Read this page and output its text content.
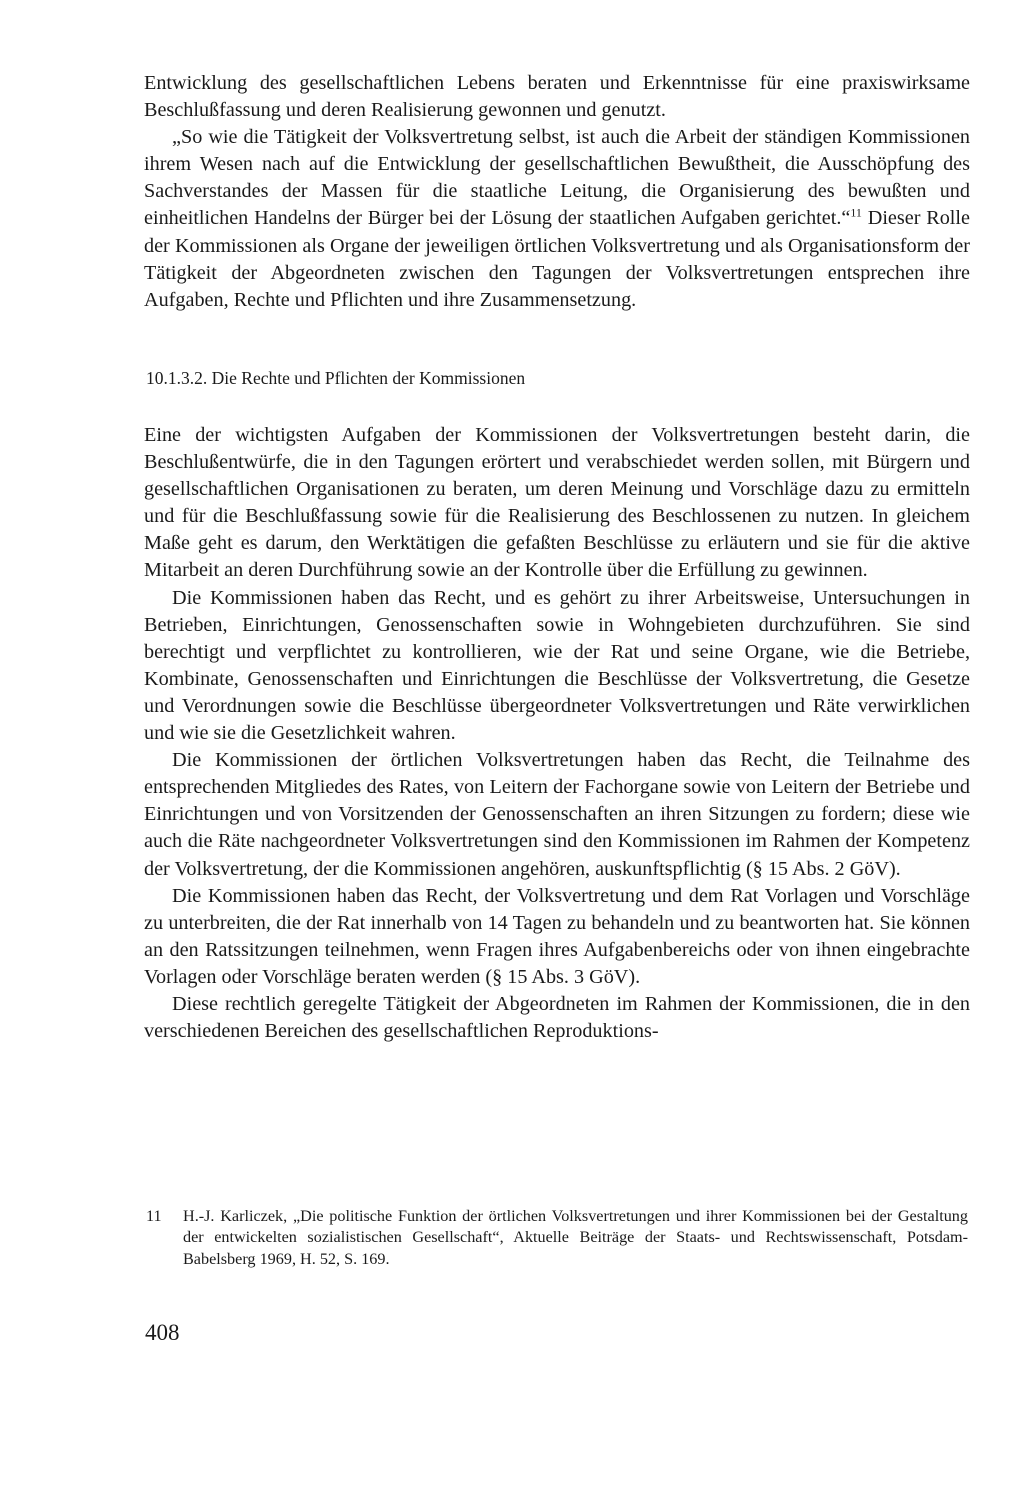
Entwicklung des gesellschaftlichen Lebens beraten und Erkenntnisse für eine praxiswirksame Beschlußfassung und deren Realisierung gewonnen und genutzt.

„So wie die Tätigkeit der Volksvertretung selbst, ist auch die Arbeit der ständigen Kommissionen ihrem Wesen nach auf die Entwicklung der gesellschaftlichen Bewußtheit, die Ausschöpfung des Sachverstandes der Massen für die staatliche Leitung, die Organisierung des bewußten und einheitlichen Handelns der Bürger bei der Lösung der staatlichen Aufgaben gerichtet.“$^{11}$ Dieser Rolle der Kommissionen als Organe der jeweiligen örtlichen Volksvertretung und als Organisationsform der Tätigkeit der Abgeordneten zwischen den Tagungen der Volksvertretungen entsprechen ihre Aufgaben, Rechte und Pflichten und ihre Zusammensetzung.

10.1.3.2. Die Rechte und Pflichten der Kommissionen

Eine der wichtigsten Aufgaben der Kommissionen der Volksvertretungen besteht darin, die Beschlußentwürfe, die in den Tagungen erörtert und verabschiedet werden sollen, mit Bürgern und gesellschaftlichen Organisationen zu beraten, um deren Meinung und Vorschläge dazu zu ermitteln und für die Beschlußfassung sowie für die Realisierung des Beschlossenen zu nutzen. In gleichem Maße geht es darum, den Werktätigen die gefaßten Beschlüsse zu erläutern und sie für die aktive Mitarbeit an deren Durchführung sowie an der Kontrolle über die Erfüllung zu gewinnen.

Die Kommissionen haben das Recht, und es gehört zu ihrer Arbeitsweise, Untersuchungen in Betrieben, Einrichtungen, Genossenschaften sowie in Wohngebieten durchzuführen. Sie sind berechtigt und verpflichtet zu kontrollieren, wie der Rat und seine Organe, wie die Betriebe, Kombinate, Genossenschaften und Einrichtungen die Beschlüsse der Volksvertretung, die Gesetze und Verordnungen sowie die Beschlüsse übergeordneter Volksvertretungen und Räte verwirklichen und wie sie die Gesetzlichkeit wahren.

Die Kommissionen der örtlichen Volksvertretungen haben das Recht, die Teilnahme des entsprechenden Mitgliedes des Rates, von Leitern der Fachorgane sowie von Leitern der Betriebe und Einrichtungen und von Vorsitzenden der Genossenschaften an ihren Sitzungen zu fordern; diese wie auch die Räte nachgeordneter Volksvertretungen sind den Kommissionen im Rahmen der Kompetenz der Volksvertretung, der die Kommissionen angehören, auskunftspflichtig (§ 15 Abs. 2 GöV).

Die Kommissionen haben das Recht, der Volksvertretung und dem Rat Vorlagen und Vorschläge zu unterbreiten, die der Rat innerhalb von 14 Tagen zu behandeln und zu beantworten hat. Sie können an den Ratssitzungen teilnehmen, wenn Fragen ihres Aufgabenbereichs oder von ihnen eingebrachte Vorlagen oder Vorschläge beraten werden (§ 15 Abs. 3 GöV).

Diese rechtlich geregelte Tätigkeit der Abgeordneten im Rahmen der Kommissionen, die in den verschiedenen Bereichen des gesellschaftlichen Reproduktions-

11 H.-J. Karliczek, „Die politische Funktion der örtlichen Volksvertretungen und ihrer Kommissionen bei der Gestaltung der entwickelten sozialistischen Gesellschaft“, Aktuelle Beiträge der Staats- und Rechtswissenschaft, Potsdam-Babelsberg 1969, H. 52, S. 169.
408
